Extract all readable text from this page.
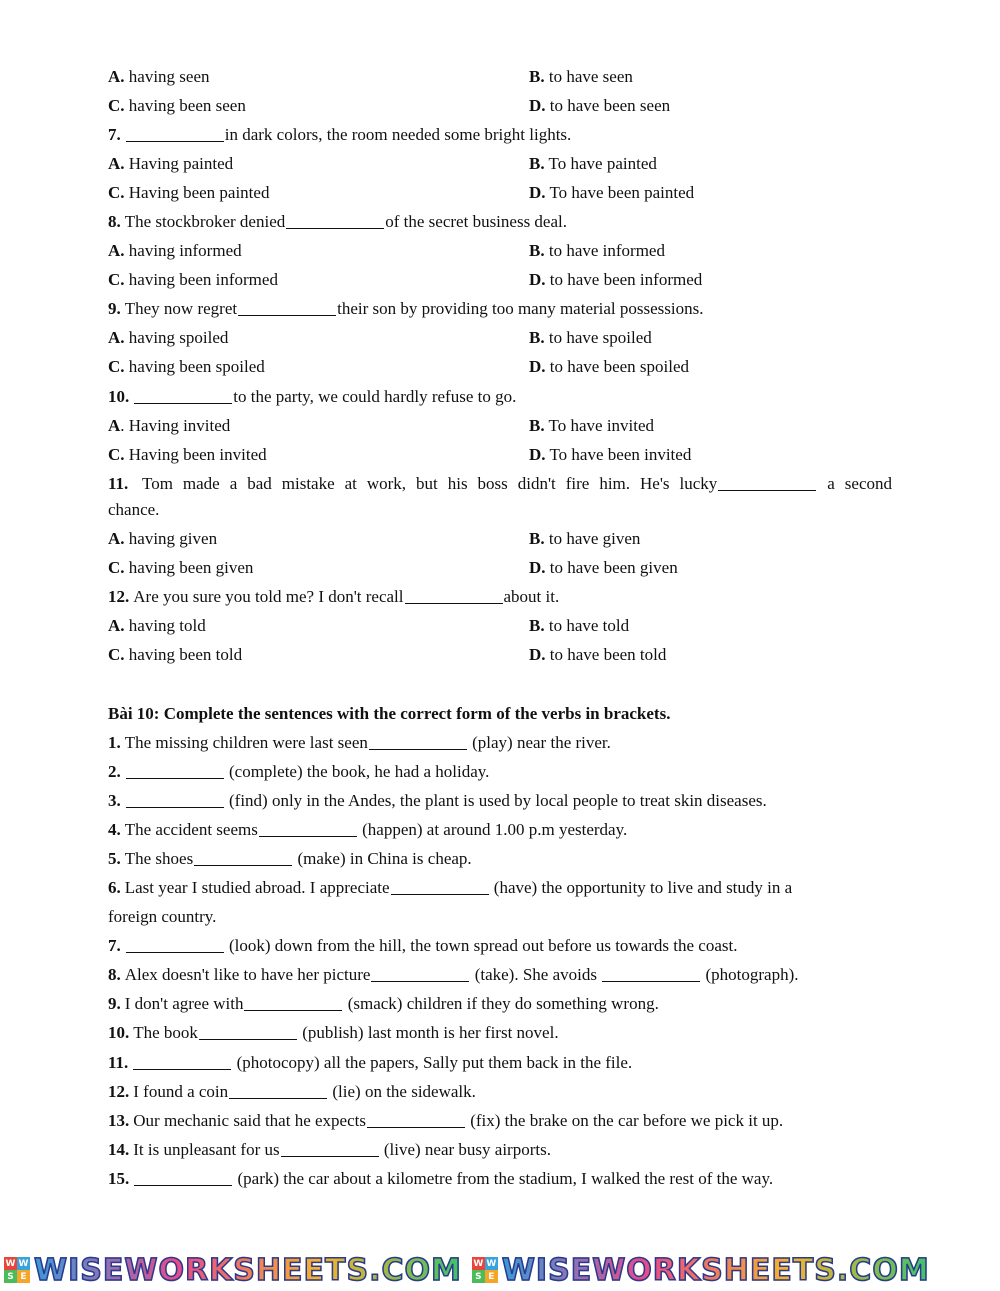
A. having seen	B. to have seen
C. having been seen	D. to have been seen
7.	in dark colors, the room needed some bright lights.
A. Having painted	B. To have painted
C. Having been painted	D. To have been painted
8. The stockbroker denied	of the secret business deal.
A. having informed	B. to have informed
C. having been informed	D. to have been informed
9. They now regret	their son by providing too many material possessions.
A. having spoiled	B. to have spoiled
C. having been spoiled	D. to have been spoiled
10.	to the party, we could hardly refuse to go.
A. Having invited	B. To have invited
C. Having been invited	D. To have been invited
11. Tom made a bad mistake at work, but his boss didn't fire him. He's lucky	a second
chance.
A. having given	B. to have given
C. having been given	D. to have been given
12. Are you sure you told me? I don't recall	about it.
A. having told	B. to have told
C. having been told	D. to have been told
Bài 10: Complete the sentences with the correct form of the verbs in brackets.
1. The missing children were last seen	(play) near the river.
2.	(complete) the book, he had a holiday.
3.	(find) only in the Andes, the plant is used by local people to treat skin diseases.
4. The accident seems	(happen) at around 1.00 p.m yesterday.
5. The shoes	(make) in China is cheap.
6. Last year I studied abroad. I appreciate	(have) the opportunity to live and study in a
foreign country.
7.	(look) down from the hill, the town spread out before us towards the coast.
8. Alex doesn't like to have her picture	(take). She avoids	(photograph).
9. I don't agree with	(smack) children if they do something wrong.
10. The book	(publish) last month is her first novel.
11.	(photocopy) all the papers, Sally put them back in the file.
12. I found a coin	(lie) on the sidewalk.
13. Our mechanic said that he expects	(fix) the brake on the car before we pick it up.
14. It is unpleasant for us	(live) near busy airports.
15.	(park) the car about a kilometre from the stadium, I walked the rest of the way.
W W
S E WISEWORKSHEETS.COM W W
S E WISEWORKSHEETS.COM
